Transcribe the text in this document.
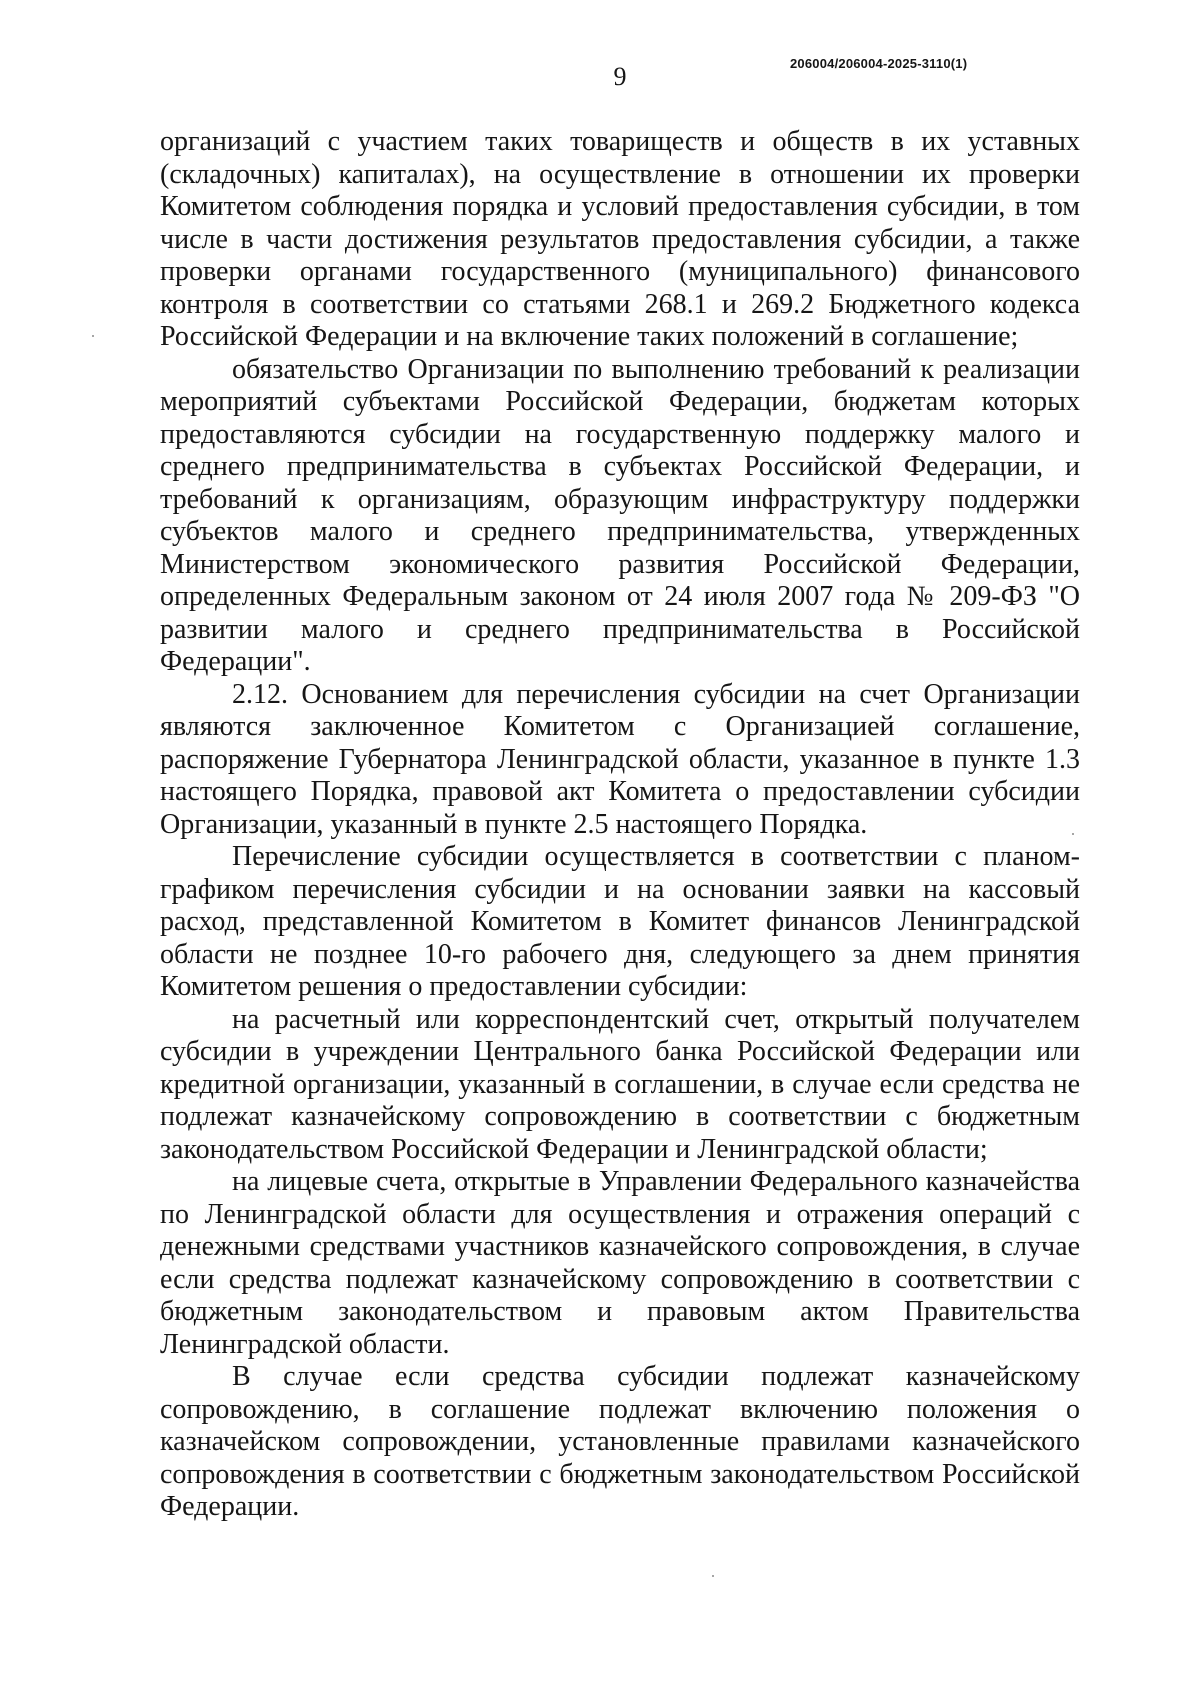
9	206004/206004-2025-3110(1)

организаций с участием таких товариществ и обществ в их уставных (складочных) капиталах), на осуществление в отношении их проверки Комитетом соблюдения порядка и условий предоставления субсидии, в том числе в части достижения результатов предоставления субсидии, а также проверки органами государственного (муниципального) финансового контроля в соответствии со статьями 268.1 и 269.2 Бюджетного кодекса Российской Федерации и на включение таких положений в соглашение;

обязательство Организации по выполнению требований к реализации мероприятий субъектами Российской Федерации, бюджетам которых предоставляются субсидии на государственную поддержку малого и среднего предпринимательства в субъектах Российской Федерации, и требований к организациям, образующим инфраструктуру поддержки субъектов малого и среднего предпринимательства, утвержденных Министерством экономического развития Российской Федерации, определенных Федеральным законом от 24 июля 2007 года № 209-ФЗ "О развитии малого и среднего предпринимательства в Российской Федерации".

2.12. Основанием для перечисления субсидии на счет Организации являются заключенное Комитетом с Организацией соглашение, распоряжение Губернатора Ленинградской области, указанное в пункте 1.3 настоящего Порядка, правовой акт Комитета о предоставлении субсидии Организации, указанный в пункте 2.5 настоящего Порядка.

Перечисление субсидии осуществляется в соответствии с планом- графиком перечисления субсидии и на основании заявки на кассовый расход, представленной Комитетом в Комитет финансов Ленинградской области не позднее 10-го рабочего дня, следующего за днем принятия Комитетом решения о предоставлении субсидии:

на расчетный или корреспондентский счет, открытый получателем субсидии в учреждении Центрального банка Российской Федерации или кредитной организации, указанный в соглашении, в случае если средства не подлежат казначейскому сопровождению в соответствии с бюджетным законодательством Российской Федерации и Ленинградской области;

на лицевые счета, открытые в Управлении Федерального казначейства по Ленинградской области для осуществления и отражения операций с денежными средствами участников казначейского сопровождения, в случае если средства подлежат казначейскому сопровождению в соответствии с бюджетным законодательством и правовым актом Правительства Ленинградской области.

В случае если средства субсидии подлежат казначейскому сопровождению, в соглашение подлежат включению положения о казначейском сопровождении, установленные правилами казначейского сопровождения в соответствии с бюджетным законодательством Российской Федерации.
